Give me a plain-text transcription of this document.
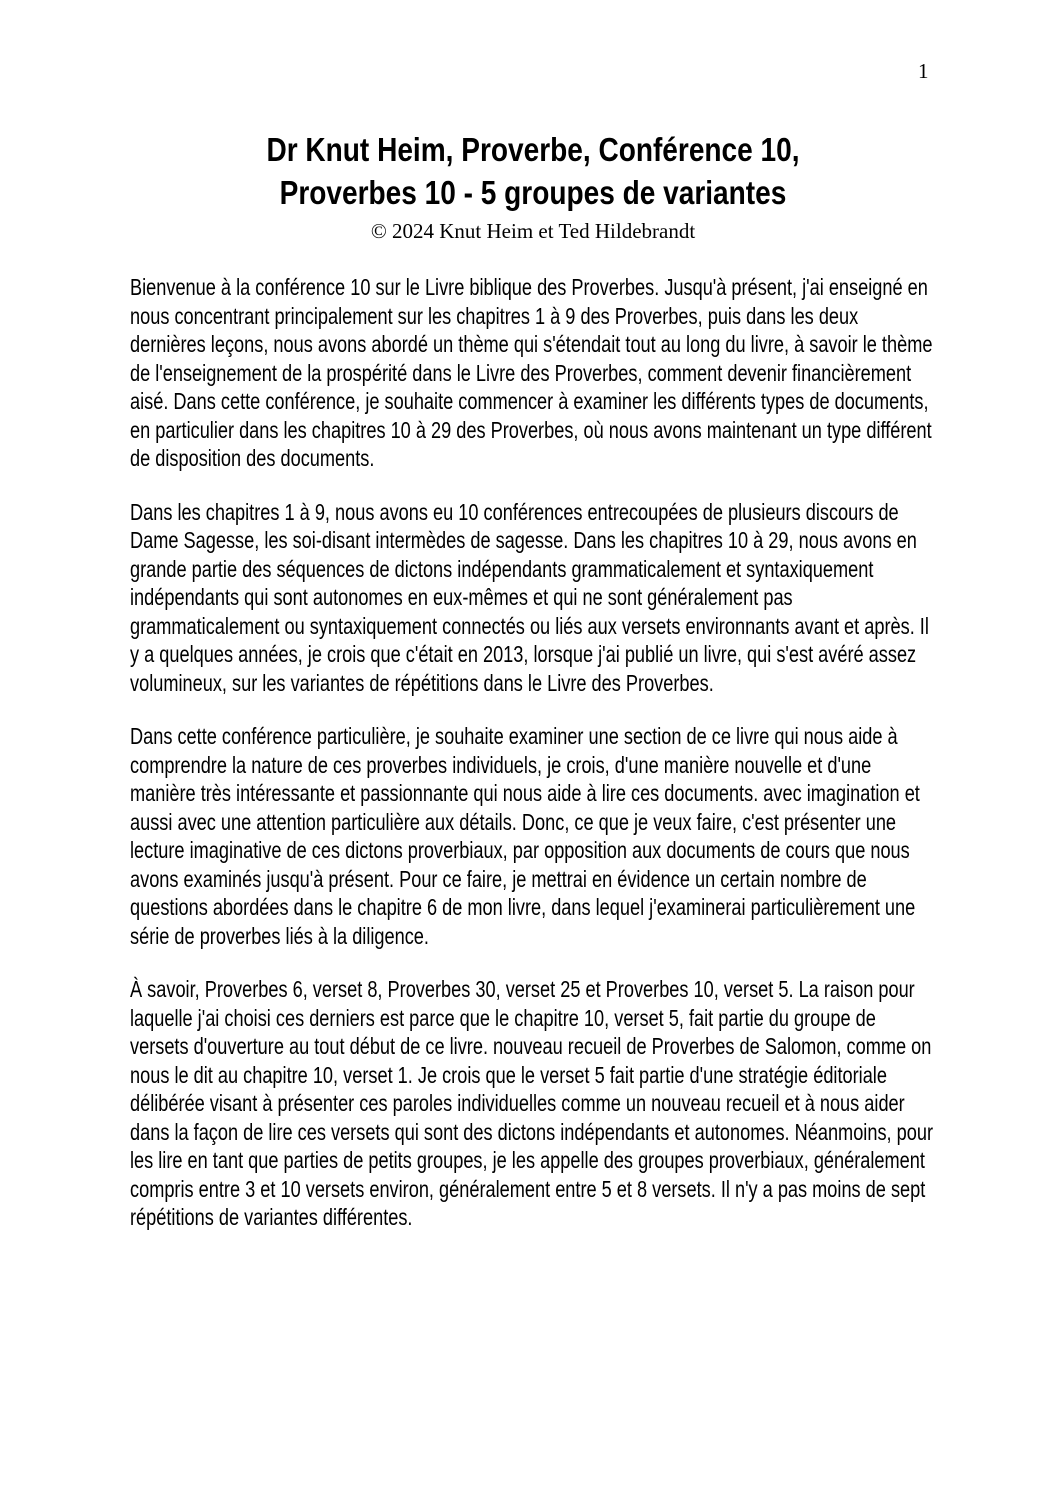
1
Dr Knut Heim, Proverbe, Conférence 10,
Proverbes 10 - 5 groupes de variantes
© 2024 Knut Heim et Ted Hildebrandt

Bienvenue à la conférence 10 sur le Livre biblique des Proverbes. Jusqu'à présent, j'ai enseigné en nous concentrant principalement sur les chapitres 1 à 9 des Proverbes, puis dans les deux dernières leçons, nous avons abordé un thème qui s'étendait tout au long du livre, à savoir le thème de l'enseignement de la prospérité dans le Livre des Proverbes, comment devenir financièrement aisé. Dans cette conférence, je souhaite commencer à examiner les différents types de documents, en particulier dans les chapitres 10 à 29 des Proverbes, où nous avons maintenant un type différent de disposition des documents.

Dans les chapitres 1 à 9, nous avons eu 10 conférences entrecoupées de plusieurs discours de Dame Sagesse, les soi-disant intermèdes de sagesse. Dans les chapitres 10 à 29, nous avons en grande partie des séquences de dictons indépendants grammaticalement et syntaxiquement indépendants qui sont autonomes en eux-mêmes et qui ne sont généralement pas grammaticalement ou syntaxiquement connectés ou liés aux versets environnants avant et après. Il y a quelques années, je crois que c'était en 2013, lorsque j'ai publié un livre, qui s'est avéré assez volumineux, sur les variantes de répétitions dans le Livre des Proverbes.

Dans cette conférence particulière, je souhaite examiner une section de ce livre qui nous aide à comprendre la nature de ces proverbes individuels, je crois, d'une manière nouvelle et d'une manière très intéressante et passionnante qui nous aide à lire ces documents. avec imagination et aussi avec une attention particulière aux détails. Donc, ce que je veux faire, c'est présenter une lecture imaginative de ces dictons proverbiaux, par opposition aux documents de cours que nous avons examinés jusqu'à présent. Pour ce faire, je mettrai en évidence un certain nombre de questions abordées dans le chapitre 6 de mon livre, dans lequel j'examinerai particulièrement une série de proverbes liés à la diligence.

À savoir, Proverbes 6, verset 8, Proverbes 30, verset 25 et Proverbes 10, verset 5. La raison pour laquelle j'ai choisi ces derniers est parce que le chapitre 10, verset 5, fait partie du groupe de versets d'ouverture au tout début de ce livre. nouveau recueil de Proverbes de Salomon, comme on nous le dit au chapitre 10, verset 1. Je crois que le verset 5 fait partie d'une stratégie éditoriale délibérée visant à présenter ces paroles individuelles comme un nouveau recueil et à nous aider dans la façon de lire ces versets qui sont des dictons indépendants et autonomes. Néanmoins, pour les lire en tant que parties de petits groupes, je les appelle des groupes proverbiaux, généralement compris entre 3 et 10 versets environ, généralement entre 5 et 8 versets. Il n'y a pas moins de sept répétitions de variantes différentes.
